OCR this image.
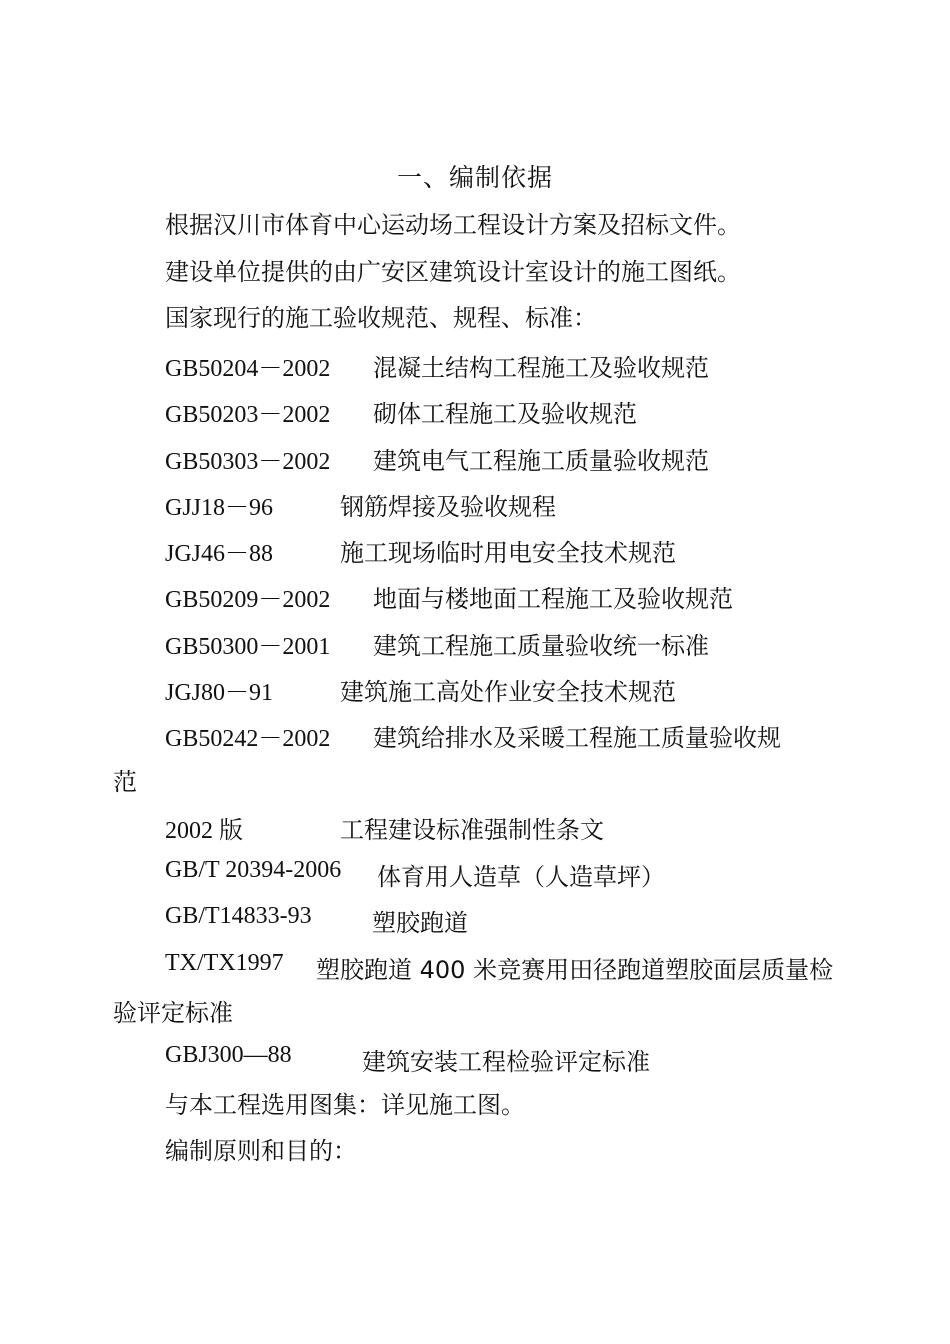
一、编制依据
根据汉川市体育中心运动场工程设计方案及招标文件。
建设单位提供的由广安区建筑设计室设计的施工图纸。
国家现行的施工验收规范、规程、标准：
GB50204－2002 混凝土结构工程施工及验收规范
GB50203－2002 砌体工程施工及验收规范
GB50303－2002 建筑电气工程施工质量验收规范
GJJ18－96	钢筋焊接及验收规程
JGJ46－88	施工现场临时用电安全技术规范
GB50209－2002 地面与楼地面工程施工及验收规范
GB50300－2001 建筑工程施工质量验收统一标准
JGJ80－91	建筑施工高处作业安全技术规范
GB50242－2002 建筑给排水及采暖工程施工质量验收规
范
2002 版	工程建设标准强制性条文
GB/T 20394-2006 体育用人造草（人造草坪）
GB/T14833-93	塑胶跑道
TX/TX1997 塑胶跑道 400 米竞赛用田径跑道塑胶面层质量检
验评定标准
GBJ300—88	建筑安装工程检验评定标准
与本工程选用图集：详见施工图。
编制原则和目的：
